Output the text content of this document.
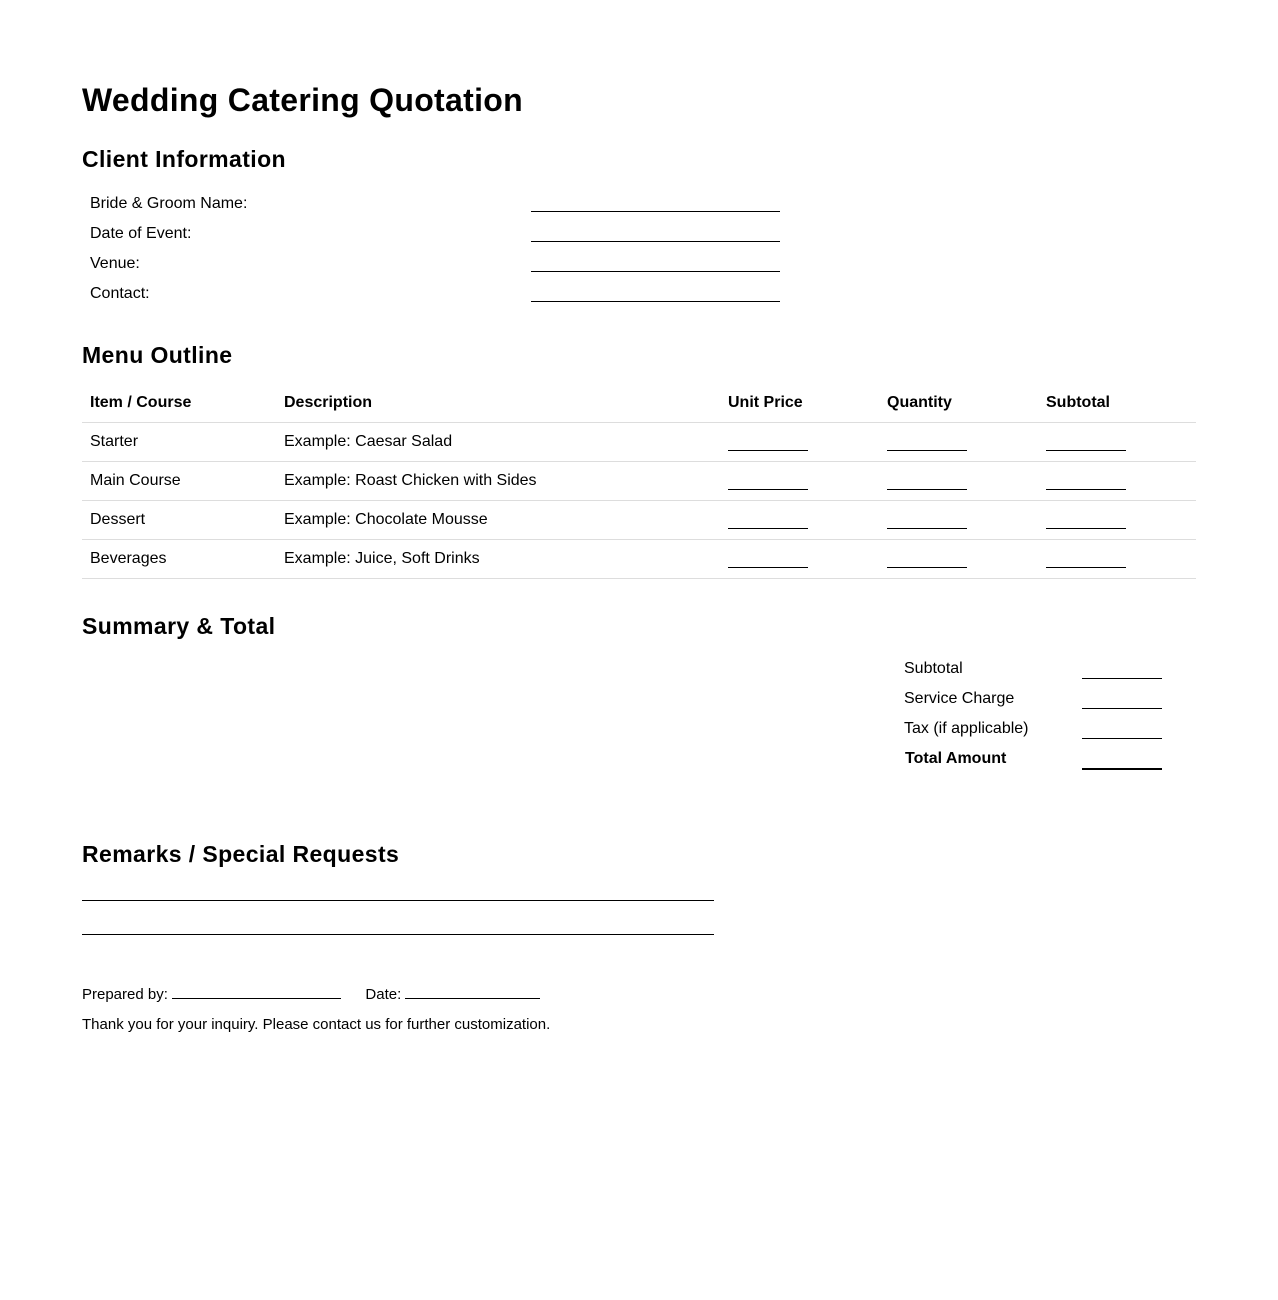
Wedding Catering Quotation
Client Information
Bride & Groom Name:
Date of Event:
Venue:
Contact:
Menu Outline
Item / Course	Description	Unit Price	Quantity	Subtotal
Starter	Example: Caesar Salad			
Main Course	Example: Roast Chicken with Sides			
Dessert	Example: Chocolate Mousse			
Beverages	Example: Juice, Soft Drinks			
Summary & Total
Subtotal
Service Charge
Tax (if applicable)
Total Amount
Remarks / Special Requests
Prepared by:	Date:
Thank you for your inquiry. Please contact us for further customization.
